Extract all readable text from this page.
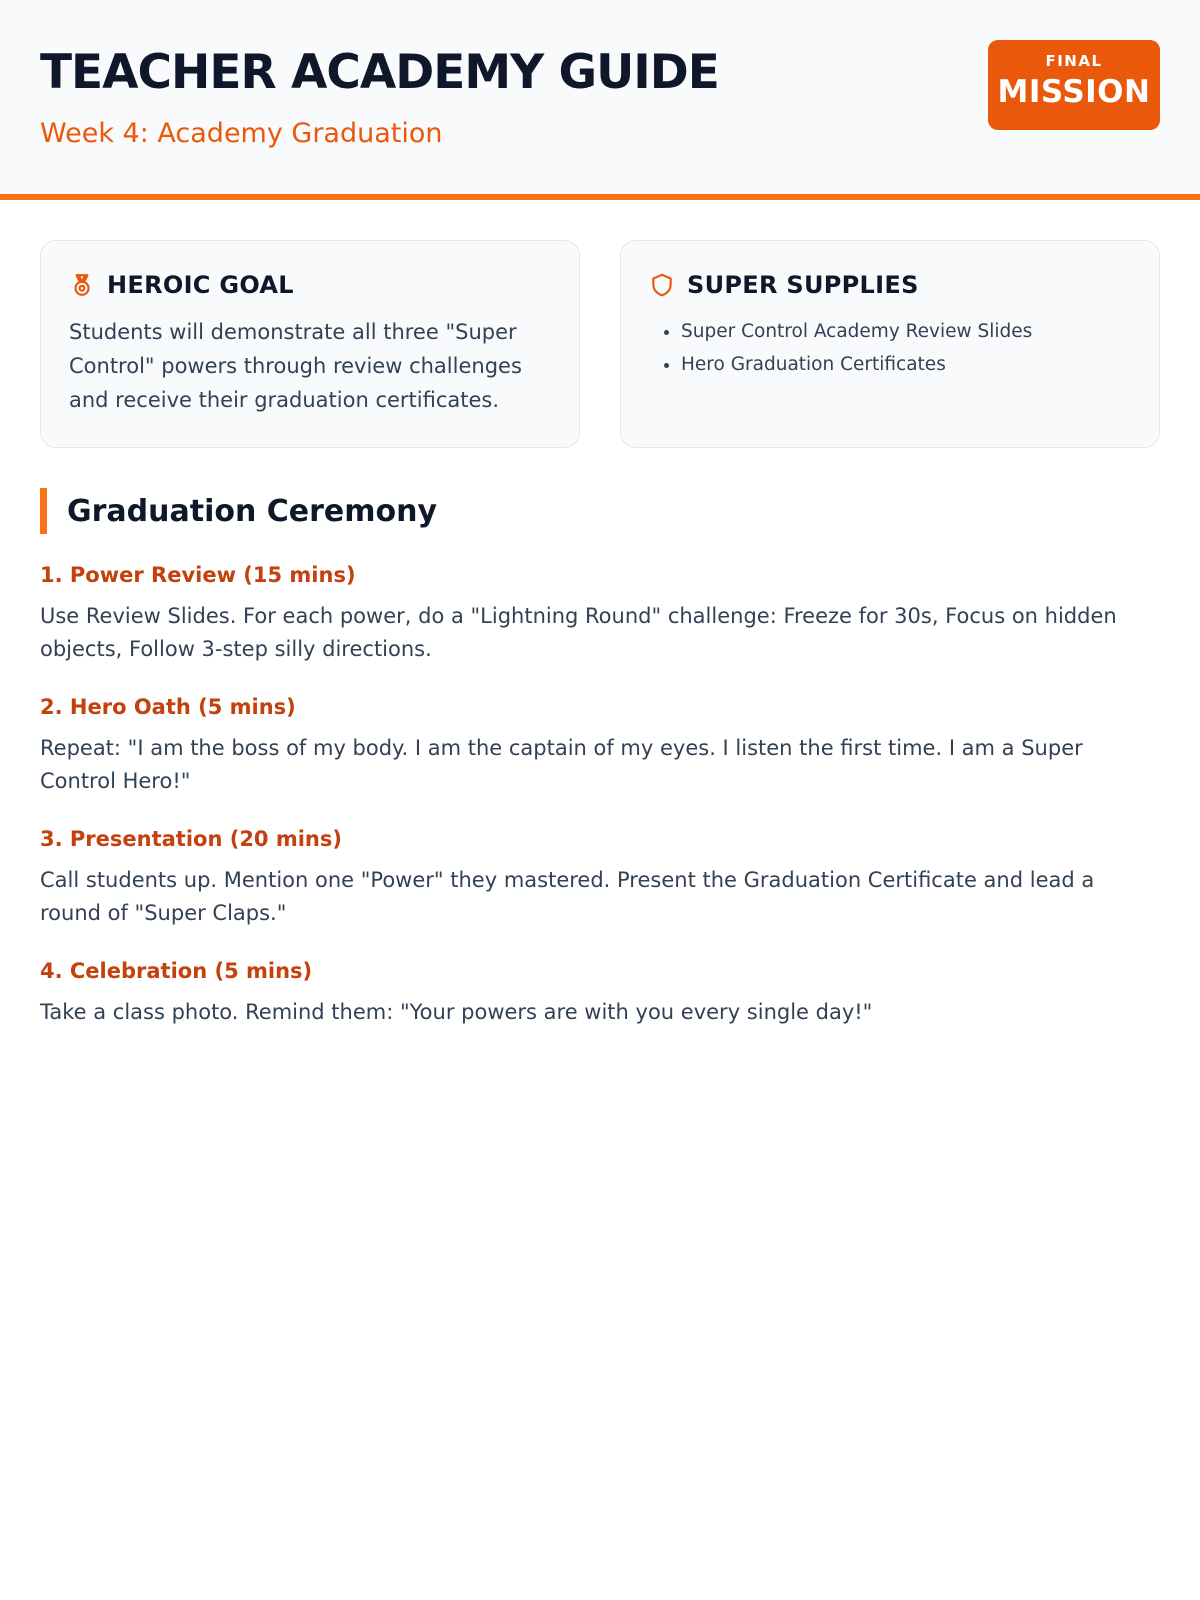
TEACHER ACADEMY GUIDE
Week 4: Academy Graduation
FINAL
MISSION
HEROIC GOAL
Students will demonstrate all three "Super Control" powers through review challenges and receive their graduation certificates.
SUPER SUPPLIES
• Super Control Academy Review Slides
• Hero Graduation Certificates
Graduation Ceremony
1. Power Review (15 mins)
Use Review Slides. For each power, do a "Lightning Round" challenge: Freeze for 30s, Focus on hidden objects, Follow 3-step silly directions.
2. Hero Oath (5 mins)
Repeat: "I am the boss of my body. I am the captain of my eyes. I listen the first time. I am a Super Control Hero!"
3. Presentation (20 mins)
Call students up. Mention one "Power" they mastered. Present the Graduation Certificate and lead a round of "Super Claps."
4. Celebration (5 mins)
Take a class photo. Remind them: "Your powers are with you every single day!"
